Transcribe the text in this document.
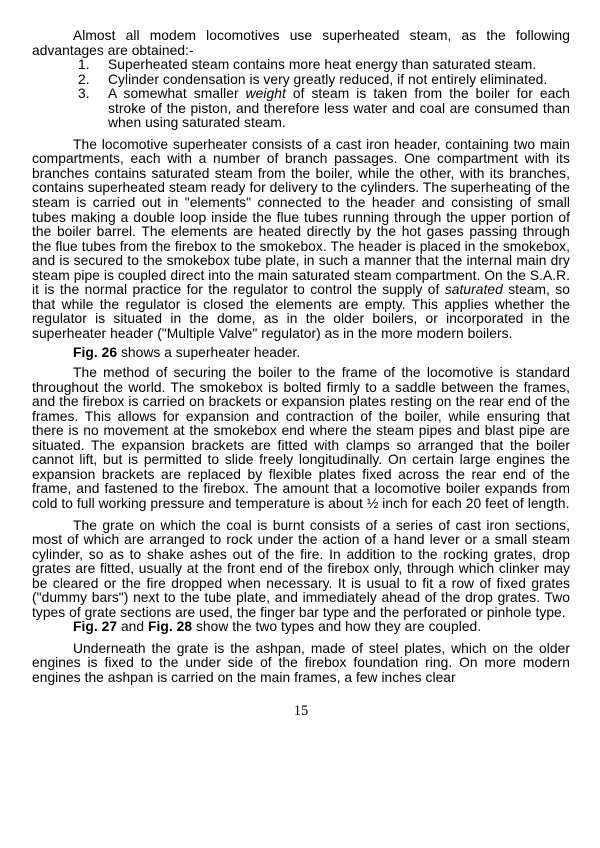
Almost all modem locomotives use superheated steam, as the following advantages are obtained:-

1. Superheated steam contains more heat energy than saturated steam.
2. Cylinder condensation is very greatly reduced, if not entirely eliminated.
3. A somewhat smaller weight of steam is taken from the boiler for each stroke of the piston, and therefore less water and coal are consumed than when using saturated steam.

The locomotive superheater consists of a cast iron header, containing two main compartments, each with a number of branch passages. One compartment with its branches contains saturated steam from the boiler, while the other, with its branches, contains superheated steam ready for delivery to the cylinders. The superheating of the steam is carried out in "elements" connected to the header and consisting of small tubes making a double loop inside the flue tubes running through the upper portion of the boiler barrel. The elements are heated directly by the hot gases passing through the flue tubes from the firebox to the smokebox. The header is placed in the smokebox, and is secured to the smokebox tube plate, in such a manner that the internal main dry steam pipe is coupled direct into the main saturated steam compartment. On the S.A.R. it is the normal practice for the regulator to control the supply of saturated steam, so that while the regulator is closed the elements are empty. This applies whether the regulator is situated in the dome, as in the older boilers, or incorporated in the superheater header ("Multiple Valve" regulator) as in the more modern boilers.

Fig. 26 shows a superheater header.

The method of securing the boiler to the frame of the locomotive is standard throughout the world. The smokebox is bolted firmly to a saddle between the frames, and the firebox is carried on brackets or expansion plates resting on the rear end of the frames. This allows for expansion and contraction of the boiler, while ensuring that there is no movement at the smokebox end where the steam pipes and blast pipe are situated. The expansion brackets are fitted with clamps so arranged that the boiler cannot lift, but is permitted to slide freely longitudinally. On certain large engines the expansion brackets are replaced by flexible plates fixed across the rear end of the frame, and fastened to the firebox. The amount that a locomotive boiler expands from cold to full working pressure and temperature is about ½ inch for each 20 feet of length.

The grate on which the coal is burnt consists of a series of cast iron sections, most of which are arranged to rock under the action of a hand lever or a small steam cylinder, so as to shake ashes out of the fire. In addition to the rocking grates, drop grates are fitted, usually at the front end of the firebox only, through which clinker may be cleared or the fire dropped when necessary. It is usual to fit a row of fixed grates ("dummy bars") next to the tube plate, and immediately ahead of the drop grates. Two types of grate sections are used, the finger bar type and the perforated or pinhole type.

Fig. 27 and Fig. 28 show the two types and how they are coupled.

Underneath the grate is the ashpan, made of steel plates, which on the older engines is fixed to the under side of the firebox foundation ring. On more modern engines the ashpan is carried on the main frames, a few inches clear

15
